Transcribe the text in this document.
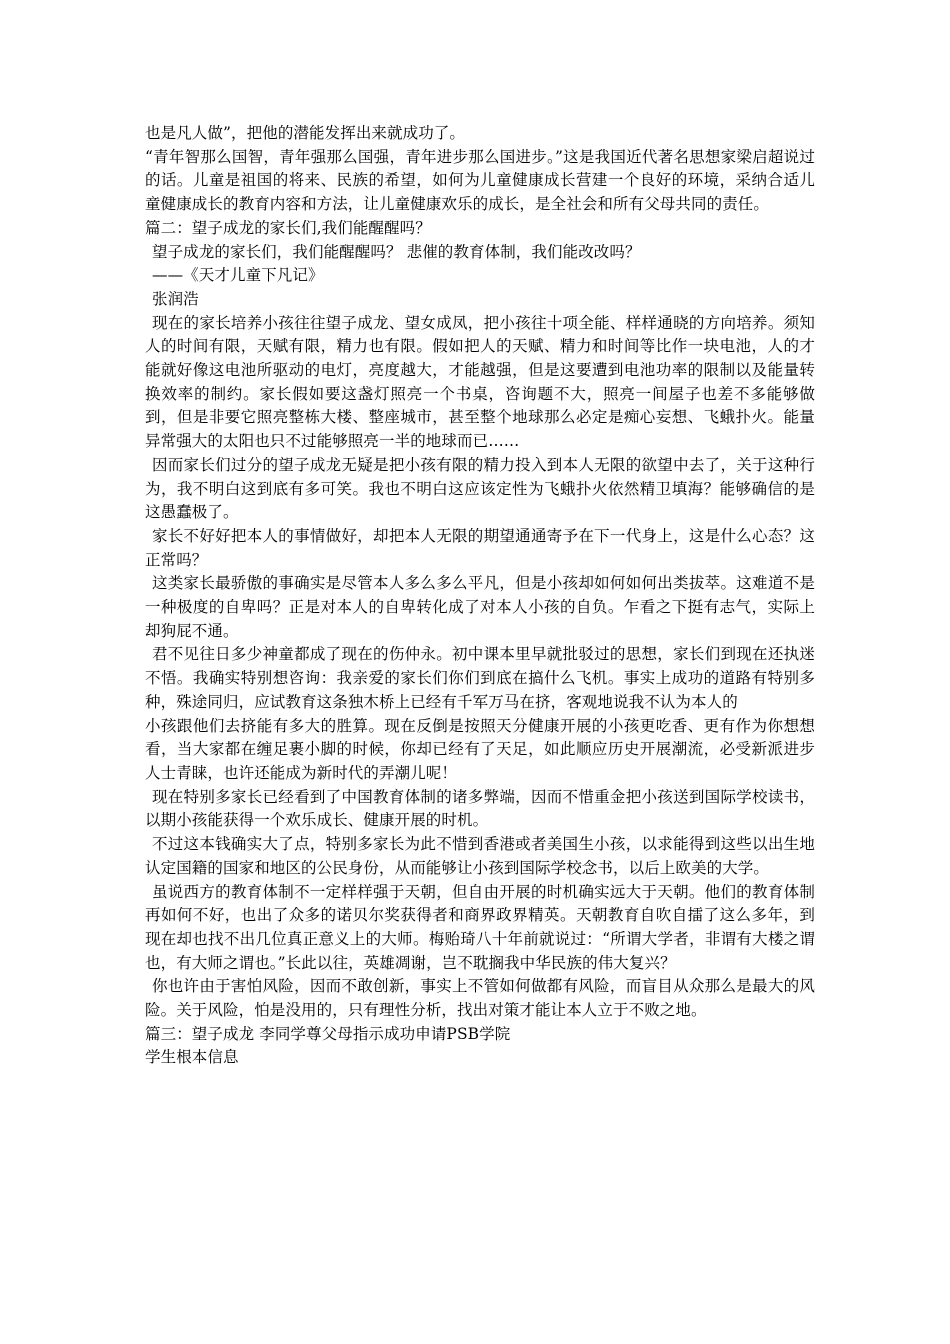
也是凡人做”，把他的潜能发挥出来就成功了。

“青年智那么国智，青年强那么国强，青年进步那么国进步。”这是我国近代著名思想家梁启超说过的话。儿童是祖国的将来、民族的希望，如何为儿童健康成长营建一个良好的环境，采纳合适儿童健康成长的教育内容和方法，让儿童健康欢乐的成长，是全社会和所有父母共同的责任。

篇二：望子成龙的家长们,我们能醒醒吗？

望子成龙的家长们，我们能醒醒吗？ 悲催的教育体制，我们能改改吗？

——《天才儿童下凡记》

张润浩

现在的家长培养小孩往往望子成龙、望女成凤，把小孩往十项全能、样样通晓的方向培养。须知人的时间有限，天赋有限，精力也有限。假如把人的天赋、精力和时间等比作一块电池，人的才能就好像这电池所驱动的电灯，亮度越大，才能越强，但是这要遭到电池功率的限制以及能量转换效率的制约。家长假如要这盏灯照亮一个书桌，咨询题不大，照亮一间屋子也差不多能够做到，但是非要它照亮整栋大楼、整座城市，甚至整个地球那么必定是痴心妄想、飞蛾扑火。能量异常强大的太阳也只不过能够照亮一半的地球而已……

因而家长们过分的望子成龙无疑是把小孩有限的精力投入到本人无限的欲望中去了，关于这种行为，我不明白这到底有多可笑。我也不明白这应该定性为飞蛾扑火依然精卫填海？能够确信的是这愚蠢极了。

家长不好好把本人的事情做好，却把本人无限的期望通通寄予在下一代身上，这是什么心态？这正常吗？

这类家长最骄傲的事确实是尽管本人多么多么平凡，但是小孩却如何如何出类拔萃。这难道不是一种极度的自卑吗？正是对本人的自卑转化成了对本人小孩的自负。乍看之下挺有志气，实际上却狗屁不通。

君不见往日多少神童都成了现在的伤仲永。初中课本里早就批驳过的思想，家长们到现在还执迷不悟。我确实特别想咨询：我亲爱的家长们你们到底在搞什么飞机。事实上成功的道路有特别多种，殊途同归，应试教育这条独木桥上已经有千军万马在挤，客观地说我不认为本人的

小孩跟他们去挤能有多大的胜算。现在反倒是按照天分健康开展的小孩更吃香、更有作为你想想看，当大家都在缠足裹小脚的时候，你却已经有了天足，如此顺应历史开展潮流，必受新派进步人士青睐，也许还能成为新时代的弄潮儿呢！

现在特别多家长已经看到了中国教育体制的诸多弊端，因而不惜重金把小孩送到国际学校读书，以期小孩能获得一个欢乐成长、健康开展的时机。

不过这本钱确实大了点，特别多家长为此不惜到香港或者美国生小孩，以求能得到这些以出生地认定国籍的国家和地区的公民身份，从而能够让小孩到国际学校念书，以后上欧美的大学。

虽说西方的教育体制不一定样样强于天朝，但自由开展的时机确实远大于天朝。他们的教育体制再如何不好，也出了众多的诺贝尔奖获得者和商界政界精英。天朝教育自吹自擂了这么多年，到现在却也找不出几位真正意义上的大师。梅贻琦八十年前就说过：“所谓大学者，非谓有大楼之谓也，有大师之谓也。”长此以往，英雄凋谢，岂不耽搁我中华民族的伟大复兴？

你也许由于害怕风险，因而不敢创新，事实上不管如何做都有风险，而盲目从众那么是最大的风险。关于风险，怕是没用的，只有理性分析，找出对策才能让本人立于不败之地。

篇三：望子成龙 李同学尊父母指示成功申请PSB学院

学生根本信息
